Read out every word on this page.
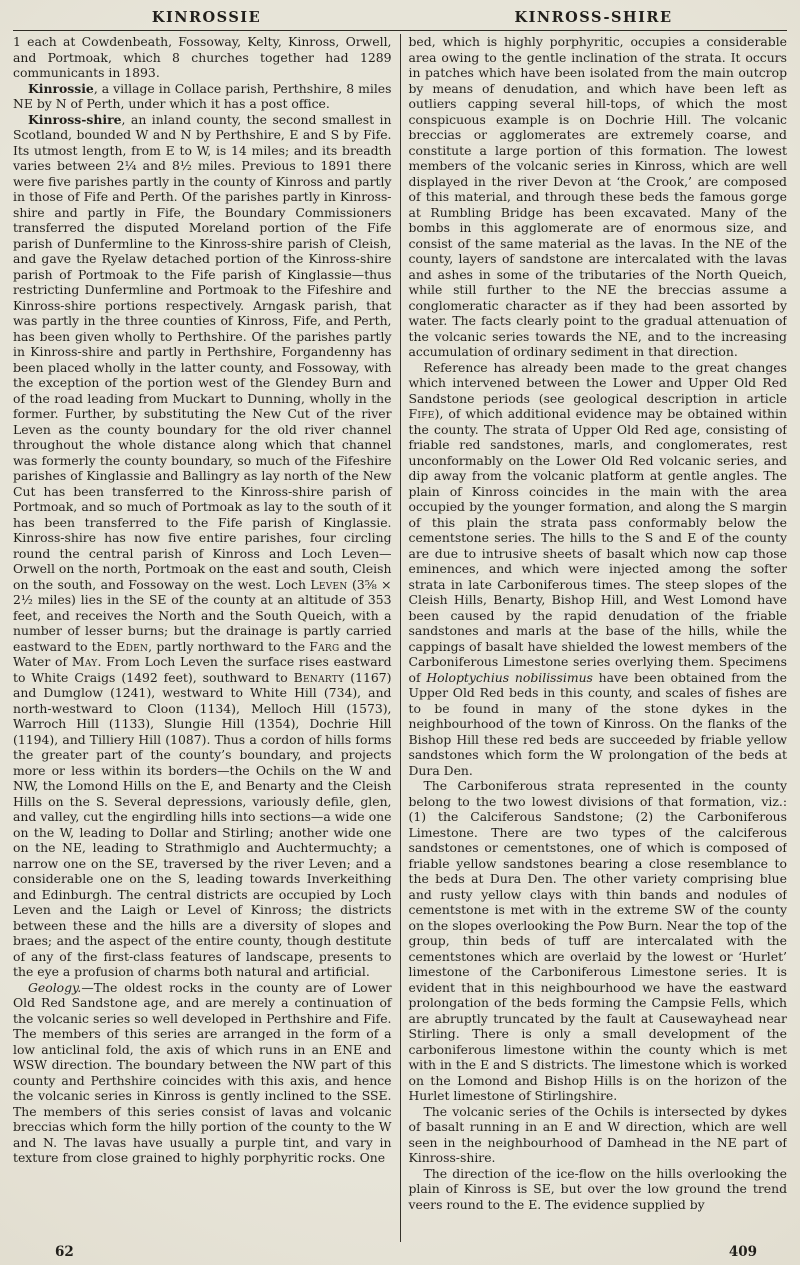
KINROSSIE	KINROSS-SHIRE

1 each at Cowdenbeath, Fossoway, Kelty, Kinross, Orwell, and Portmoak, which 8 churches together had 1289 communicants in 1893.

Kinrossie, a village in Collace parish, Perthshire, 8 miles NE by N of Perth, under which it has a post office.

Kinross-shire, an inland county, the second smallest in Scotland, bounded W and N by Perthshire, E and S by Fife. Its utmost length, from E to W, is 14 miles; and its breadth varies between 2¼ and 8½ miles. Previous to 1891 there were five parishes partly in the county of Kinross and partly in those of Fife and Perth. Of the parishes partly in Kinross-shire and partly in Fife, the Boundary Commissioners transferred the disputed Moreland portion of the Fife parish of Dunfermline to the Kinross-shire parish of Cleish, and gave the Ryelaw detached portion of the Kinross-shire parish of Portmoak to the Fife parish of Kinglassie—thus restricting Dunfermline and Portmoak to the Fifeshire and Kinross-shire portions respectively. Arngask parish, that was partly in the three counties of Kinross, Fife, and Perth, has been given wholly to Perthshire. Of the parishes partly in Kinross-shire and partly in Perthshire, Forgandenny has been placed wholly in the latter county, and Fossoway, with the exception of the portion west of the Glendey Burn and of the road leading from Muckart to Dunning, wholly in the former. Further, by substituting the New Cut of the river Leven as the county boundary for the old river channel throughout the whole distance along which that channel was formerly the county boundary, so much of the Fifeshire parishes of Kinglassie and Ballingry as lay north of the New Cut has been transferred to the Kinross-shire parish of Portmoak, and so much of Portmoak as lay to the south of it has been transferred to the Fife parish of Kinglassie. Kinross-shire has now five entire parishes, four circling round the central parish of Kinross and Loch Leven—Orwell on the north, Portmoak on the east and south, Cleish on the south, and Fossoway on the west. Loch Leven (3⅝ × 2½ miles) lies in the SE of the county at an altitude of 353 feet, and receives the North and the South Queich, with a number of lesser burns; but the drainage is partly carried eastward to the Eden, partly northward to the Farg and the Water of May. From Loch Leven the surface rises eastward to White Craigs (1492 feet), southward to Benarty (1167) and Dumglow (1241), westward to White Hill (734), and north-westward to Cloon (1134), Melloch Hill (1573), Warroch Hill (1133), Slungie Hill (1354), Dochrie Hill (1194), and Tilliery Hill (1087). Thus a cordon of hills forms the greater part of the county’s boundary, and projects more or less within its borders—the Ochils on the W and NW, the Lomond Hills on the E, and Benarty and the Cleish Hills on the S. Several depressions, variously defile, glen, and valley, cut the engirdling hills into sections—a wide one on the W, leading to Dollar and Stirling; another wide one on the NE, leading to Strathmiglo and Auchtermuchty; a narrow one on the SE, traversed by the river Leven; and a considerable one on the S, leading towards Inverkeithing and Edinburgh. The central districts are occupied by Loch Leven and the Laigh or Level of Kinross; the districts between these and the hills are a diversity of slopes and braes; and the aspect of the entire county, though destitute of any of the first-class features of landscape, presents to the eye a profusion of charms both natural and artificial.

Geology.—The oldest rocks in the county are of Lower Old Red Sandstone age, and are merely a continuation of the volcanic series so well developed in Perthshire and Fife. The members of this series are arranged in the form of a low anticlinal fold, the axis of which runs in an ENE and WSW direction. The boundary between the NW part of this county and Perthshire coincides with this axis, and hence the volcanic series in Kinross is gently inclined to the SSE. The members of this series consist of lavas and volcanic breccias which form the hilly portion of the county to the W and N. The lavas have usually a purple tint, and vary in texture from close grained to highly porphyritic rocks. One

bed, which is highly porphyritic, occupies a considerable area owing to the gentle inclination of the strata. It occurs in patches which have been isolated from the main outcrop by means of denudation, and which have been left as outliers capping several hill-tops, of which the most conspicuous example is on Dochrie Hill. The volcanic breccias or agglomerates are extremely coarse, and constitute a large portion of this formation. The lowest members of the volcanic series in Kinross, which are well displayed in the river Devon at ‘the Crook,’ are composed of this material, and through these beds the famous gorge at Rumbling Bridge has been excavated. Many of the bombs in this agglomerate are of enormous size, and consist of the same material as the lavas. In the NE of the county, layers of sandstone are intercalated with the lavas and ashes in some of the tributaries of the North Queich, while still further to the NE the breccias assume a conglomeratic character as if they had been assorted by water. The facts clearly point to the gradual attenuation of the volcanic series towards the NE, and to the increasing accumulation of ordinary sediment in that direction.

Reference has already been made to the great changes which intervened between the Lower and Upper Old Red Sandstone periods (see geological description in article Fife), of which additional evidence may be obtained within the county. The strata of Upper Old Red age, consisting of friable red sandstones, marls, and conglomerates, rest unconformably on the Lower Old Red volcanic series, and dip away from the volcanic platform at gentle angles. The plain of Kinross coincides in the main with the area occupied by the younger formation, and along the S margin of this plain the strata pass conformably below the cementstone series. The hills to the S and E of the county are due to intrusive sheets of basalt which now cap those eminences, and which were injected among the softer strata in late Carboniferous times. The steep slopes of the Cleish Hills, Benarty, Bishop Hill, and West Lomond have been caused by the rapid denudation of the friable sandstones and marls at the base of the hills, while the cappings of basalt have shielded the lowest members of the Carboniferous Limestone series overlying them. Specimens of Holoptychius nobilissimus have been obtained from the Upper Old Red beds in this county, and scales of fishes are to be found in many of the stone dykes in the neighbourhood of the town of Kinross. On the flanks of the Bishop Hill these red beds are succeeded by friable yellow sandstones which form the W prolongation of the beds at Dura Den.

The Carboniferous strata represented in the county belong to the two lowest divisions of that formation, viz.: (1) the Calciferous Sandstone; (2) the Carboniferous Limestone. There are two types of the calciferous sandstones or cementstones, one of which is composed of friable yellow sandstones bearing a close resemblance to the beds at Dura Den. The other variety comprising blue and rusty yellow clays with thin bands and nodules of cementstone is met with in the extreme SW of the county on the slopes overlooking the Pow Burn. Near the top of the group, thin beds of tuff are intercalated with the cementstones which are overlaid by the lowest or ‘Hurlet’ limestone of the Carboniferous Limestone series. It is evident that in this neighbourhood we have the eastward prolongation of the beds forming the Campsie Fells, which are abruptly truncated by the fault at Causewayhead near Stirling. There is only a small development of the carboniferous limestone within the county which is met with in the E and S districts. The limestone which is worked on the Lomond and Bishop Hills is on the horizon of the Hurlet limestone of Stirlingshire.

The volcanic series of the Ochils is intersected by dykes of basalt running in an E and W direction, which are well seen in the neighbourhood of Damhead in the NE part of Kinross-shire.

The direction of the ice-flow on the hills overlooking the plain of Kinross is SE, but over the low ground the trend veers round to the E. The evidence supplied by

62	409
